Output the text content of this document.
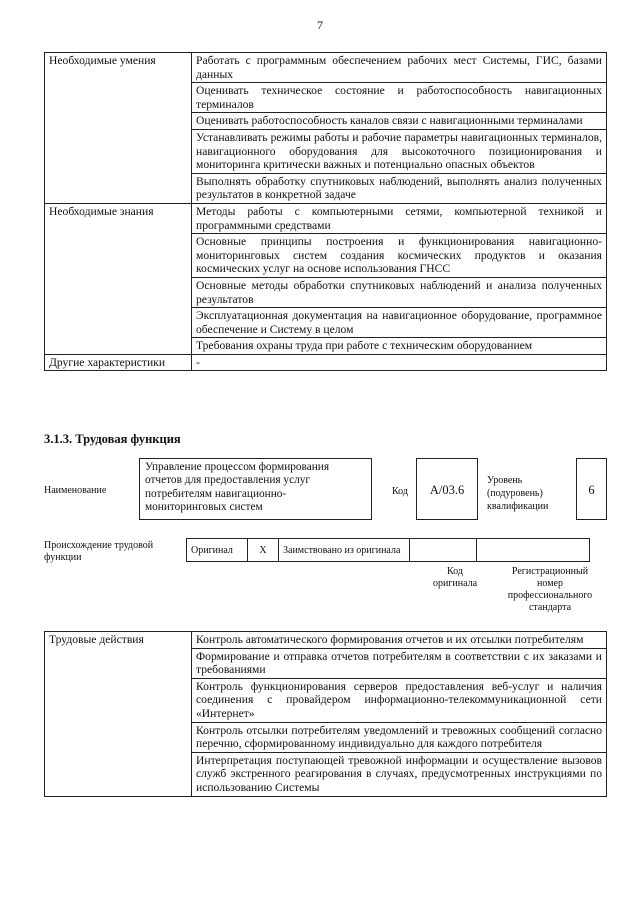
7
Необходимые умения	Работать с программным обеспечением рабочих мест Системы, ГИС, базами данных
	Оценивать техническое состояние и работоспособность навигационных терминалов
	Оценивать работоспособность каналов связи с навигационными терминалами
	Устанавливать режимы работы и рабочие параметры навигационных терминалов, навигационного оборудования для высокоточного позиционирования и мониторинга критически важных и потенциально опасных объектов
	Выполнять обработку спутниковых наблюдений, выполнять анализ полученных результатов в конкретной задаче
Необходимые знания	Методы работы с компьютерными сетями, компьютерной техникой и программными средствами
	Основные принципы построения и функционирования навигационно-мониторинговых систем создания космических продуктов и оказания космических услуг на основе использования ГНСС
	Основные методы обработки спутниковых наблюдений и анализа полученных результатов
	Эксплуатационная документация на навигационное оборудование, программное обеспечение и Систему в целом
	Требования охраны труда при работе с техническим оборудованием
Другие характеристики	-
3.1.3. Трудовая функция
Наименование
Управление процессом формирования отчетов для предоставления услуг потребителям навигационно-мониторинговых систем
Код	А/03.6
Уровень
(подуровень)
квалификации
6
Происхождение трудовой функции
Оригинал	Х	Заимствовано из оригинала		
Код
оригинала
Регистрационный
номер
профессионального
стандарта
Трудовые действия	Контроль автоматического формирования отчетов и их отсылки потребителям
Формирование и отправка отчетов потребителям в соответствии с их заказами и требованиями
Контроль функционирования серверов предоставления веб-услуг и наличия соединения с провайдером информационно-телекоммуникационной сети «Интернет»
Контроль отсылки потребителям уведомлений и тревожных сообщений согласно перечню, сформированному индивидуально для каждого потребителя
Интерпретация поступающей тревожной информации и осуществление вызовов служб экстренного реагирования в случаях, предусмотренных инструкциями по использованию Системы
